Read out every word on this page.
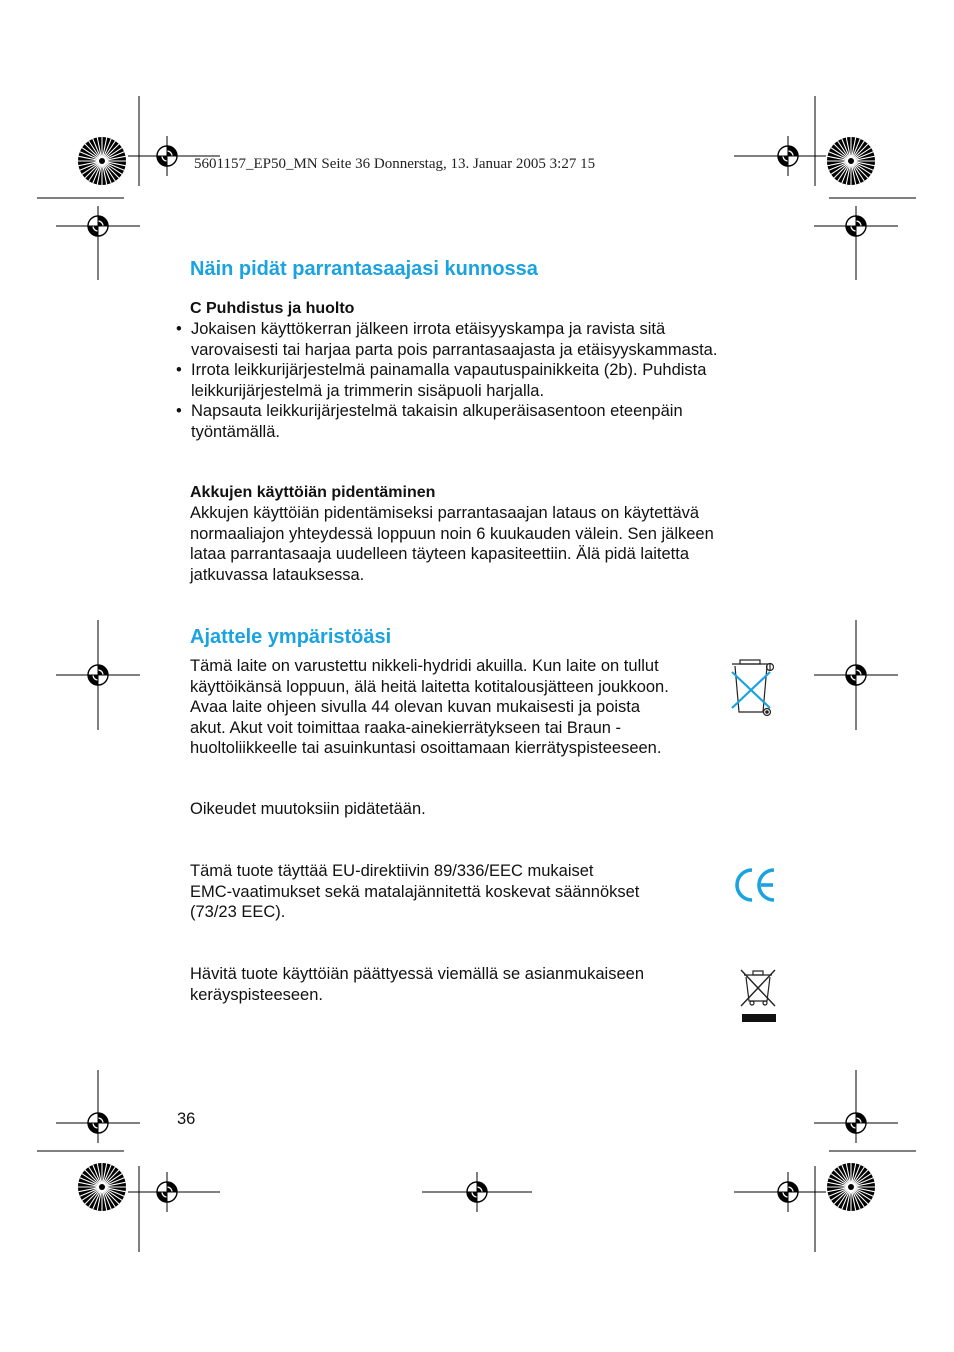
5601157_EP50_MN Seite 36 Donnerstag, 13. Januar 2005 3:27 15
Näin pidät parrantasaajasi kunnossa

C Puhdistus ja huolto

• Jokaisen käyttökerran jälkeen irrota etäisyyskampa ja ravista sitä
varovaisesti tai harjaa parta pois parrantasaajasta ja etäisyyskammasta.
• Irrota leikkurijärjestelmä painamalla vapautuspainikkeita (2b). Puhdista
leikkurijärjestelmä ja trimmerin sisäpuoli harjalla.
• Napsauta leikkurijärjestelmä takaisin alkuperäisasentoon eteenpäin
työntämällä.

Akkujen käyttöiän pidentäminen

Akkujen käyttöiän pidentämiseksi parrantasaajan lataus on käytettävä
normaaliajon yhteydessä loppuun noin 6 kuukauden välein. Sen jälkeen
lataa parrantasaaja uudelleen täyteen kapasiteettiin. Älä pidä laitetta
jatkuvassa latauksessa.

Ajattele ympäristöäsi

Tämä laite on varustettu nikkeli-hydridi akuilla. Kun laite on tullut
käyttöikänsä loppuun, älä heitä laitetta kotitalousjätteen joukkoon.
Avaa laite ohjeen sivulla 44 olevan kuvan mukaisesti ja poista
akut. Akut voit toimittaa raaka-ainekierrätykseen tai Braun -
huoltoliikkeelle tai asuinkuntasi osoittamaan kierrätyspisteeseen.

Oikeudet muutoksiin pidätetään.

Tämä tuote täyttää EU-direktiivin 89/336/EEC mukaiset
EMC-vaatimukset sekä matalajännitettä koskevat säännökset
(73/23 EEC).

Hävitä tuote käyttöiän päättyessä viemällä se asianmukaiseen
keräyspisteeseen.

36
